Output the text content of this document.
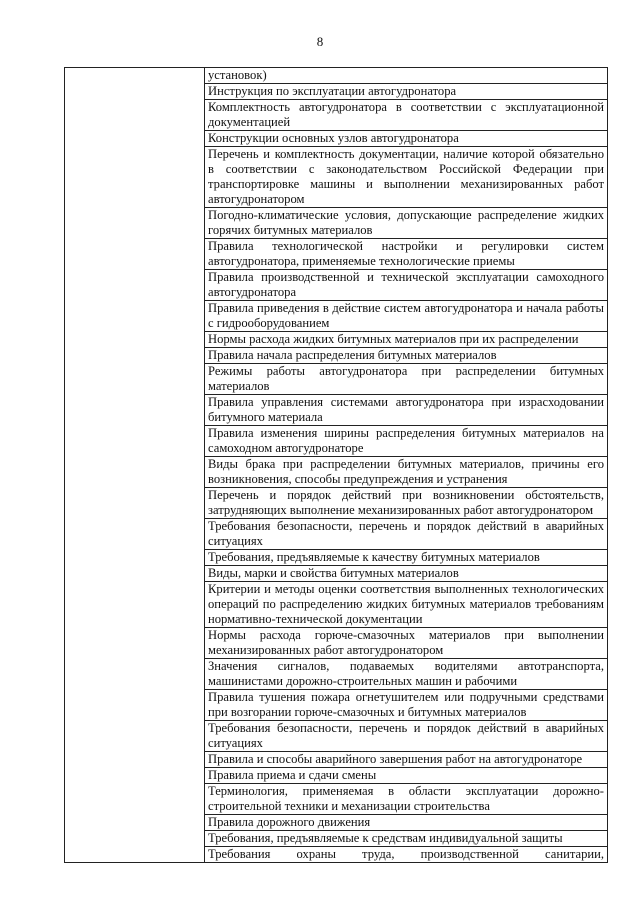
8
	установок)
Инструкция по эксплуатации автогудронатора
Комплектность автогудронатора в соответствии с эксплуатационной документацией
Конструкции основных узлов автогудронатора
Перечень и комплектность документации, наличие которой обязательно в соответствии с законодательством Российской Федерации при транспортировке машины и выполнении механизированных работ автогудронатором
Погодно-климатические условия, допускающие распределение жидких горячих битумных материалов
Правила технологической настройки и регулировки систем автогудронатора, применяемые технологические приемы
Правила производственной и технической эксплуатации самоходного автогудронатора
Правила приведения в действие систем автогудронатора и начала работы с гидрооборудованием
Нормы расхода жидких битумных материалов при их распределении
Правила начала распределения битумных материалов
Режимы работы автогудронатора при распределении битумных материалов
Правила управления системами автогудронатора при израсходовании битумного материала
Правила изменения ширины распределения битумных материалов на самоходном автогудронаторе
Виды брака при распределении битумных материалов, причины его возникновения, способы предупреждения и устранения
Перечень и порядок действий при возникновении обстоятельств, затрудняющих выполнение механизированных работ автогудронатором
Требования безопасности, перечень и порядок действий в аварийных ситуациях
Требования, предъявляемые к качеству битумных материалов
Виды, марки и свойства битумных материалов
Критерии и методы оценки соответствия выполненных технологических операций по распределению жидких битумных материалов требованиям нормативно-технической документации
Нормы расхода горюче-смазочных материалов при выполнении механизированных работ автогудронатором
Значения сигналов, подаваемых водителями автотранспорта, машинистами дорожно-строительных машин и рабочими
Правила тушения пожара огнетушителем или подручными средствами при возгорании горюче-смазочных и битумных материалов
Требования безопасности, перечень и порядок действий в аварийных ситуациях
Правила и способы аварийного завершения работ на автогудронаторе
Правила приема и сдачи смены
Терминология, применяемая в области эксплуатации дорожно-строительной техники и механизации строительства
Правила дорожного движения
Требования, предъявляемые к средствам индивидуальной защиты
Требования охраны труда, производственной санитарии,
